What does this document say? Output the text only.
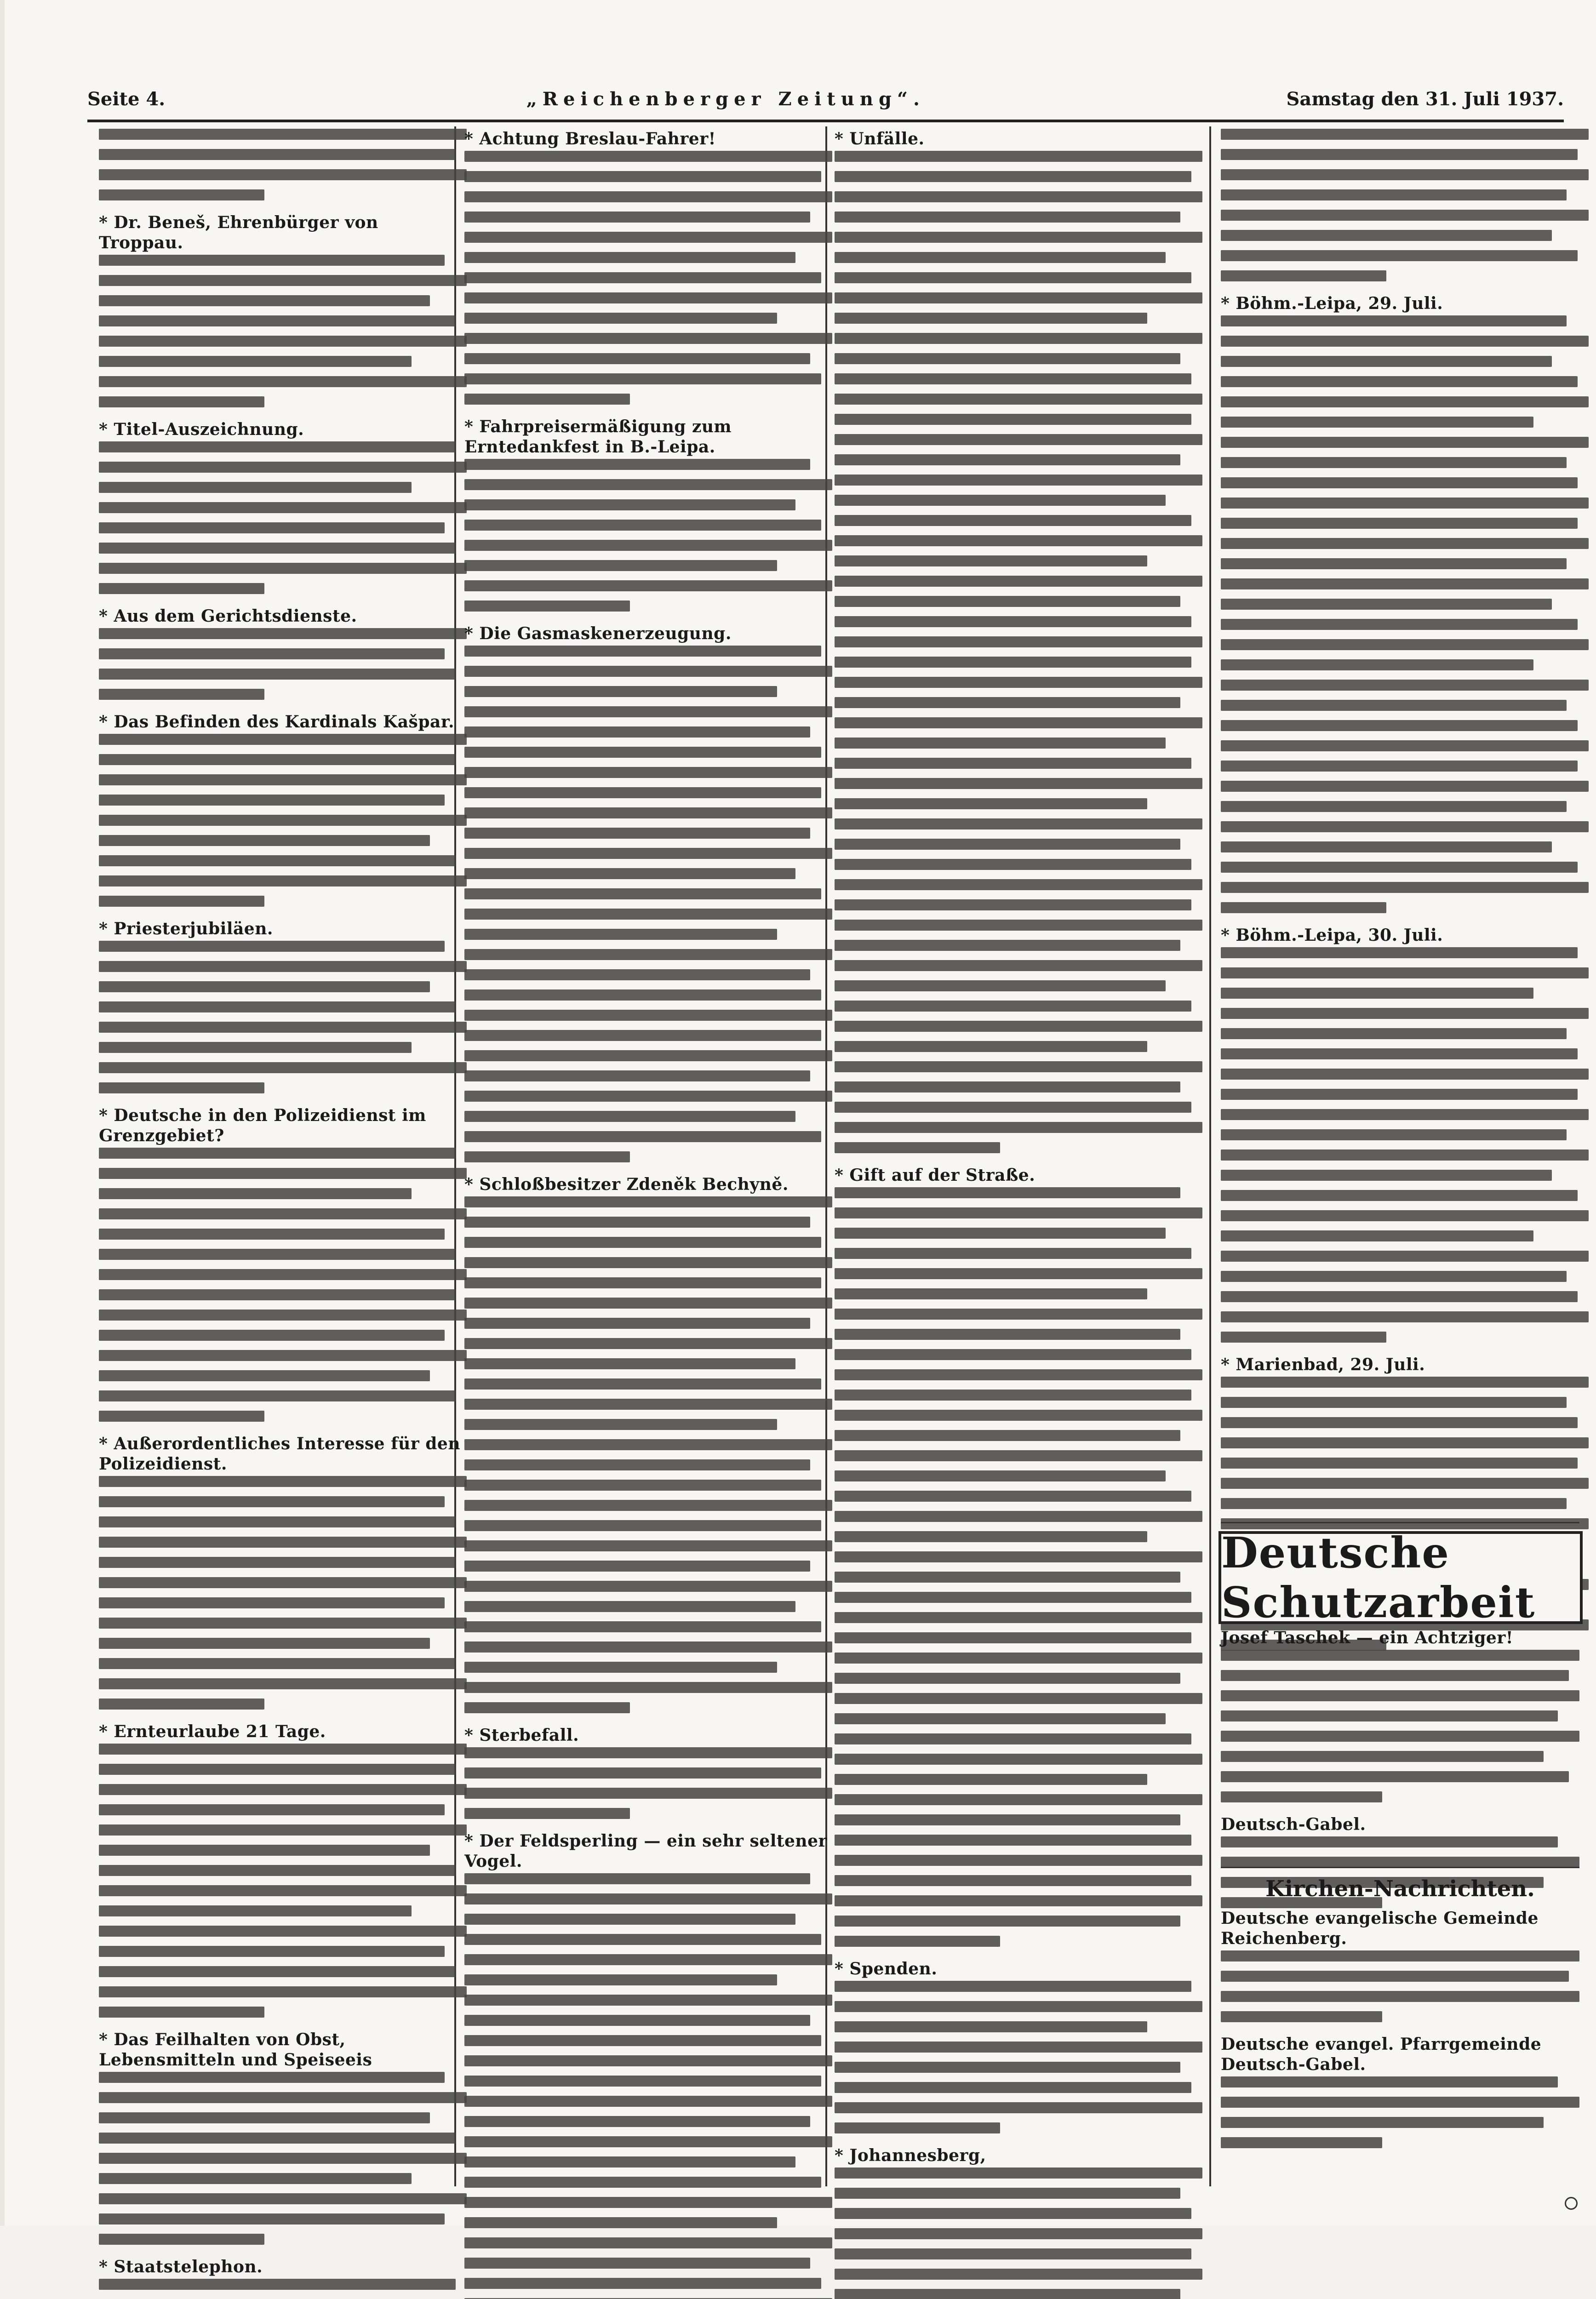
Seite 4.	„Reichenberger Zeitung“.	Samstag den 31. Juli 1937.
* Dr. Beneš, Ehrenbürger von Troppau.
* Titel-Auszeichnung.
* Aus dem Gerichtsdienste.
* Das Befinden des Kardinals Kašpar.
* Priesterjubiläen.
* Deutsche in den Polizeidienst im Grenzgebiet?
* Außerordentliches Interesse für den Polizeidienst.
* Ernteurlaube 21 Tage.
* Das Feilhalten von Obst, Lebensmitteln und Speiseeis
* Staatstelephon.
* Achtung Breslau-Fahrer!
* Fahrpreisermäßigung zum Erntedankfest in B.-Leipa.
* Die Gasmaskenerzeugung.
* Schloßbesitzer Zdeněk Bechyně.
* Sterbefall.
* Der Feldsperling — ein sehr seltener Vogel.
* Unfälle.
* Gift auf der Straße.
* Spenden.
* Johannesberg,
* Böhm.-Leipa, 29. Juli.
* Böhm.-Leipa, 30. Juli.
* Marienbad, 29. Juli.
Deutsche Schutzarbeit
Josef Taschek — ein Achtziger!
Deutsch-Gabel.
Kirchen-Nachrichten.
Deutsche evangelische Gemeinde Reichenberg.
Deutsche evangel. Pfarrgemeinde Deutsch-Gabel.
